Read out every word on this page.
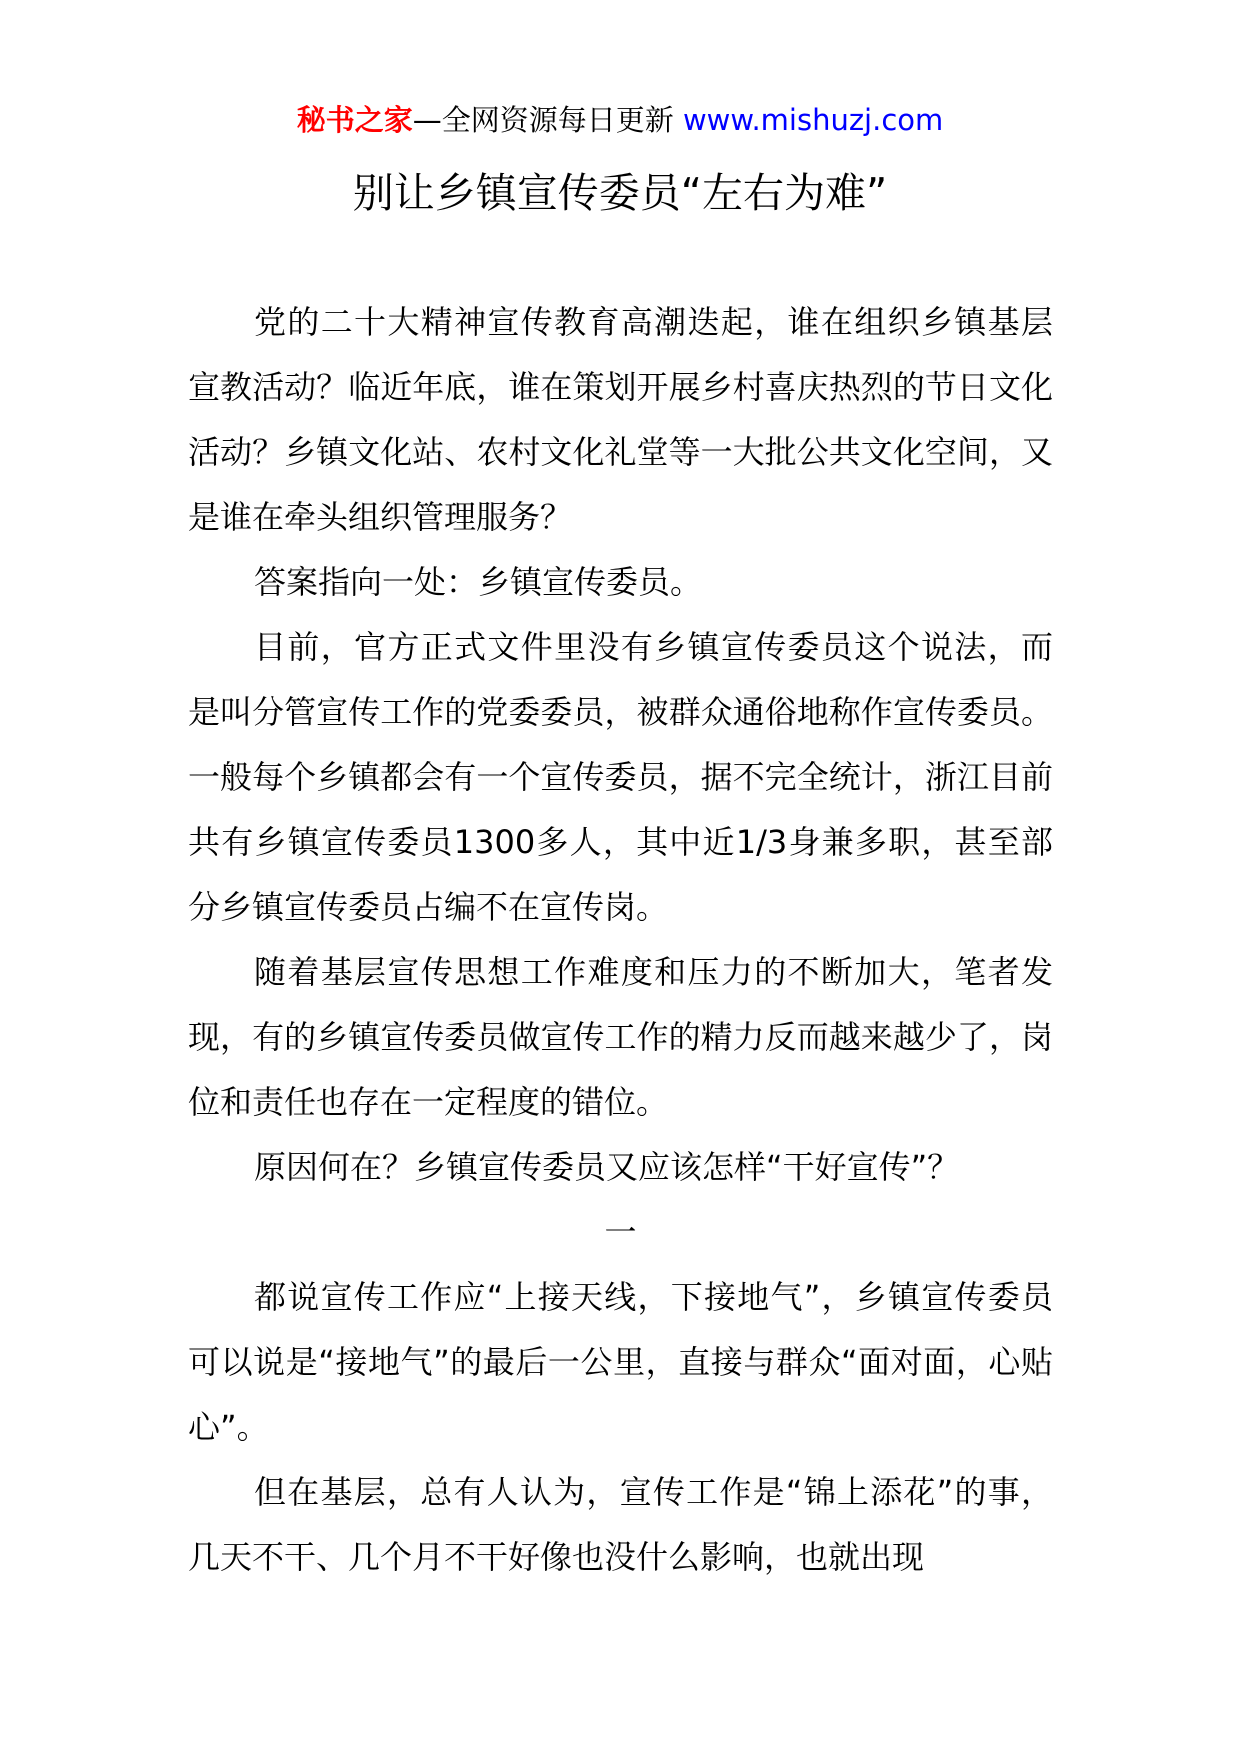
秘书之家—全网资源每日更新 www.mishuzj.com
别让乡镇宣传委员“左右为难”

党的二十大精神宣传教育高潮迭起，谁在组织乡镇基层宣教活动？临近年底，谁在策划开展乡村喜庆热烈的节日文化活动？乡镇文化站、农村文化礼堂等一大批公共文化空间，又是谁在牵头组织管理服务？

答案指向一处：乡镇宣传委员。

目前，官方正式文件里没有乡镇宣传委员这个说法，而是叫分管宣传工作的党委委员，被群众通俗地称作宣传委员。一般每个乡镇都会有一个宣传委员，据不完全统计，浙江目前共有乡镇宣传委员1300多人，其中近1/3身兼多职，甚至部分乡镇宣传委员占编不在宣传岗。

随着基层宣传思想工作难度和压力的不断加大，笔者发现，有的乡镇宣传委员做宣传工作的精力反而越来越少了，岗位和责任也存在一定程度的错位。

原因何在？乡镇宣传委员又应该怎样“干好宣传”？

一

都说宣传工作应“上接天线，下接地气”，乡镇宣传委员可以说是“接地气”的最后一公里，直接与群众“面对面，心贴心”。

但在基层，总有人认为，宣传工作是“锦上添花”的事，几天不干、几个月不干好像也没什么影响，也就出现
